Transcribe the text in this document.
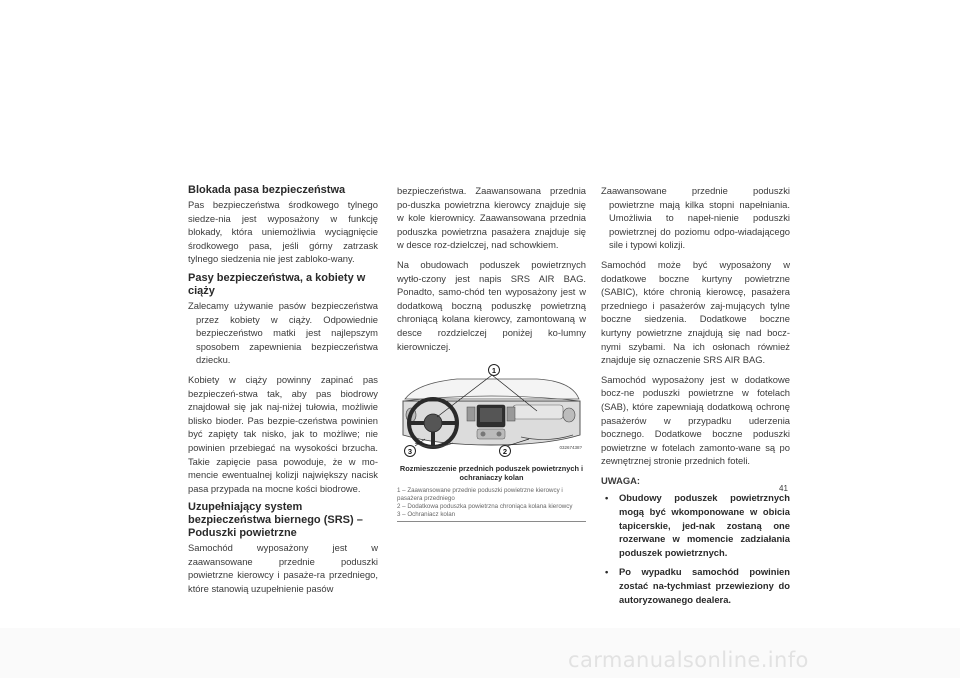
Blokada pasa bezpieczeństwa

Pas bezpieczeństwa środkowego tylnego siedze-nia jest wyposażony w funkcję blokady, która uniemożliwia wyciągnięcie środkowego pasa, jeśli górny zatrzask tylnego siedzenia nie jest zabloko-wany.

Pasy bezpieczeństwa, a kobiety w ciąży

Zalecamy używanie pasów bezpieczeństwa przez kobiety w ciąży. Odpowiednie bezpieczeństwo matki jest najlepszym sposobem zapewnienia bezpieczeństwa dziecku.

Kobiety w ciąży powinny zapinać pas bezpieczeń-stwa tak, aby pas biodrowy znajdował się jak naj-niżej tułowia, możliwie blisko bioder. Pas bezpie-czeństwa powinien być zapięty tak nisko, jak to możliwe; nie powinien przebiegać na wysokości brzucha. Takie zapięcie pasa powoduje, że w mo-mencie ewentualnej kolizji największy nacisk pasa przypada na mocne kości biodrowe.

Uzupełniający system bezpieczeństwa biernego (SRS) – Poduszki powietrzne

Samochód wyposażony jest w zaawansowane przednie poduszki powietrzne kierowcy i pasaże-ra przedniego, które stanowią uzupełnienie pasów

bezpieczeństwa. Zaawansowana przednia po-duszka powietrzna kierowcy znajduje się w kole kierownicy. Zaawansowana przednia poduszka powietrzna pasażera znajduje się w desce roz-dzielczej, nad schowkiem.

Na obudowach poduszek powietrznych wytło-czony jest napis SRS AIR BAG. Ponadto, samo-chód ten wyposażony jest w dodatkową boczną poduszkę powietrzną chroniącą kolana kierowcy, zamontowaną w desce rozdzielczej poniżej ko-lumny kierowniczej.

1
2
3	03267438?
Rozmieszczenie przednich poduszek powietrznych i ochraniaczy kolan
1 – Zaawansowane przednie poduszki powietrzne kierowcy i pasażera przedniego
2 – Dodatkowa poduszka powietrzna chroniąca kolana kierowcy
3 – Ochraniacz kolan

Zaawansowane przednie poduszki powietrzne mają kilka stopni napełniania. Umożliwia to napeł-nienie poduszki powietrznej do poziomu odpo-wiadającego sile i typowi kolizji.

Samochód może być wyposażony w dodatkowe boczne kurtyny powietrzne (SABIC), które chronią kierowcę, pasażera przedniego i pasażerów zaj-mujących tylne boczne siedzenia. Dodatkowe boczne kurtyny powietrzne znajdują się nad bocz-nymi szybami. Na ich osłonach również znajduje się oznaczenie SRS AIR BAG.

Samochód wyposażony jest w dodatkowe bocz-ne poduszki powietrzne w fotelach (SAB), które zapewniają dodatkową ochronę pasażerów w przypadku uderzenia bocznego. Dodatkowe boczne poduszki powietrzne w fotelach zamonto-wane są po zewnętrznej stronie przednich foteli.

UWAGA:

• Obudowy poduszek powietrznych mogą być wkomponowane w obicia tapicerskie, jed-nak zostaną one rozerwane w momencie zadziałania poduszek powietrznych.
• Po wypadku samochód powinien zostać na-tychmiast przewieziony do autoryzowanego dealera.
41
carmanualsonline.info
